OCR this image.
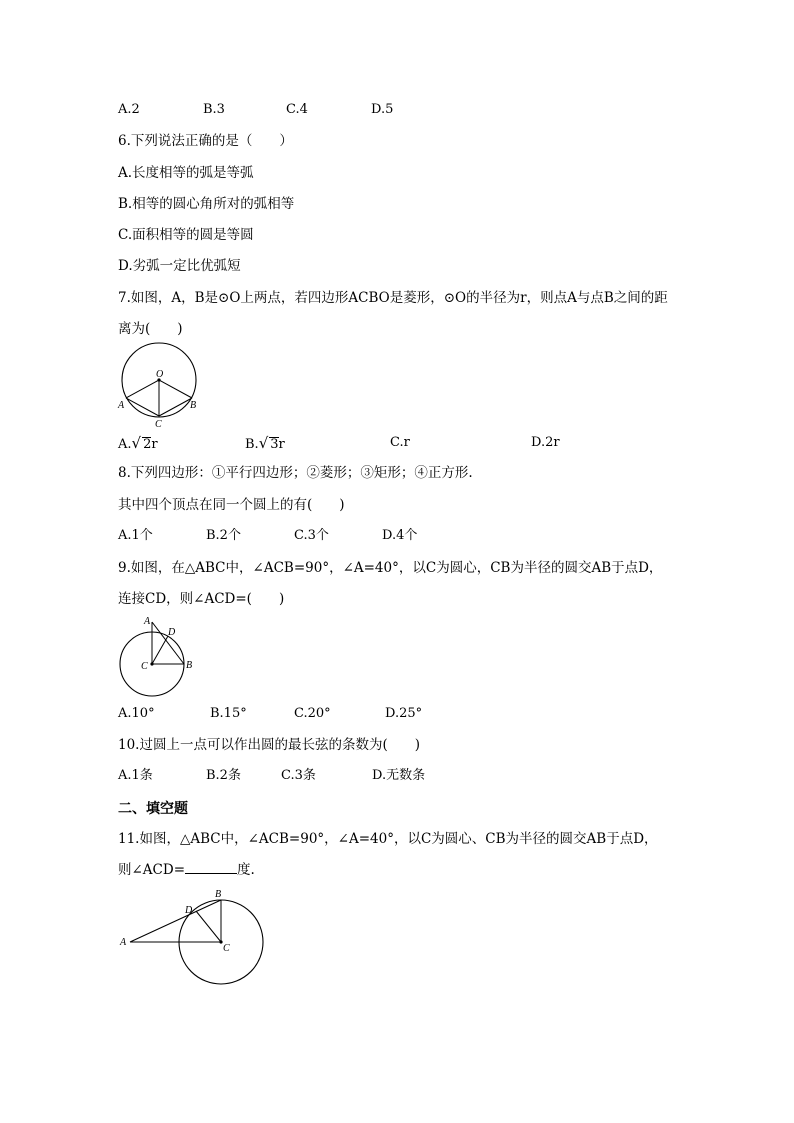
A.2	B.3	C.4	D.5
6.下列说法正确的是（　　）
A.长度相等的弧是等弧
B.相等的圆心角所对的弧相等
C.面积相等的圆是等圆
D.劣弧一定比优弧短
7.如图，A，B是⊙O上两点，若四边形ACBO是菱形，⊙O的半径为r，则点A与点B之间的距
离为(　　)
O
A	B
C
A.√ 2r	B.√ 3r	C.r	D.2r
8.下列四边形：①平行四边形；②菱形；③矩形；④正方形.
其中四个顶点在同一个圆上的有(　　)
A.1个	B.2个	C.3个	D.4个
9.如图，在△ABC中，∠ACB=90°，∠A=40°，以C为圆心，CB为半径的圆交AB于点D，
连接CD，则∠ACD=(　　)
A
D
C	B
A.10°	B.15°	C.20°	D.25°
10.过圆上一点可以作出圆的最长弦的条数为(　　)
A.1条	B.2条	C.3条	D.无数条
二、填空题
11.如图，△ABC中，∠ACB=90°，∠A=40°，以C为圆心、CB为半径的圆交AB于点D，
则∠ACD=	度.
A
B
D
C
